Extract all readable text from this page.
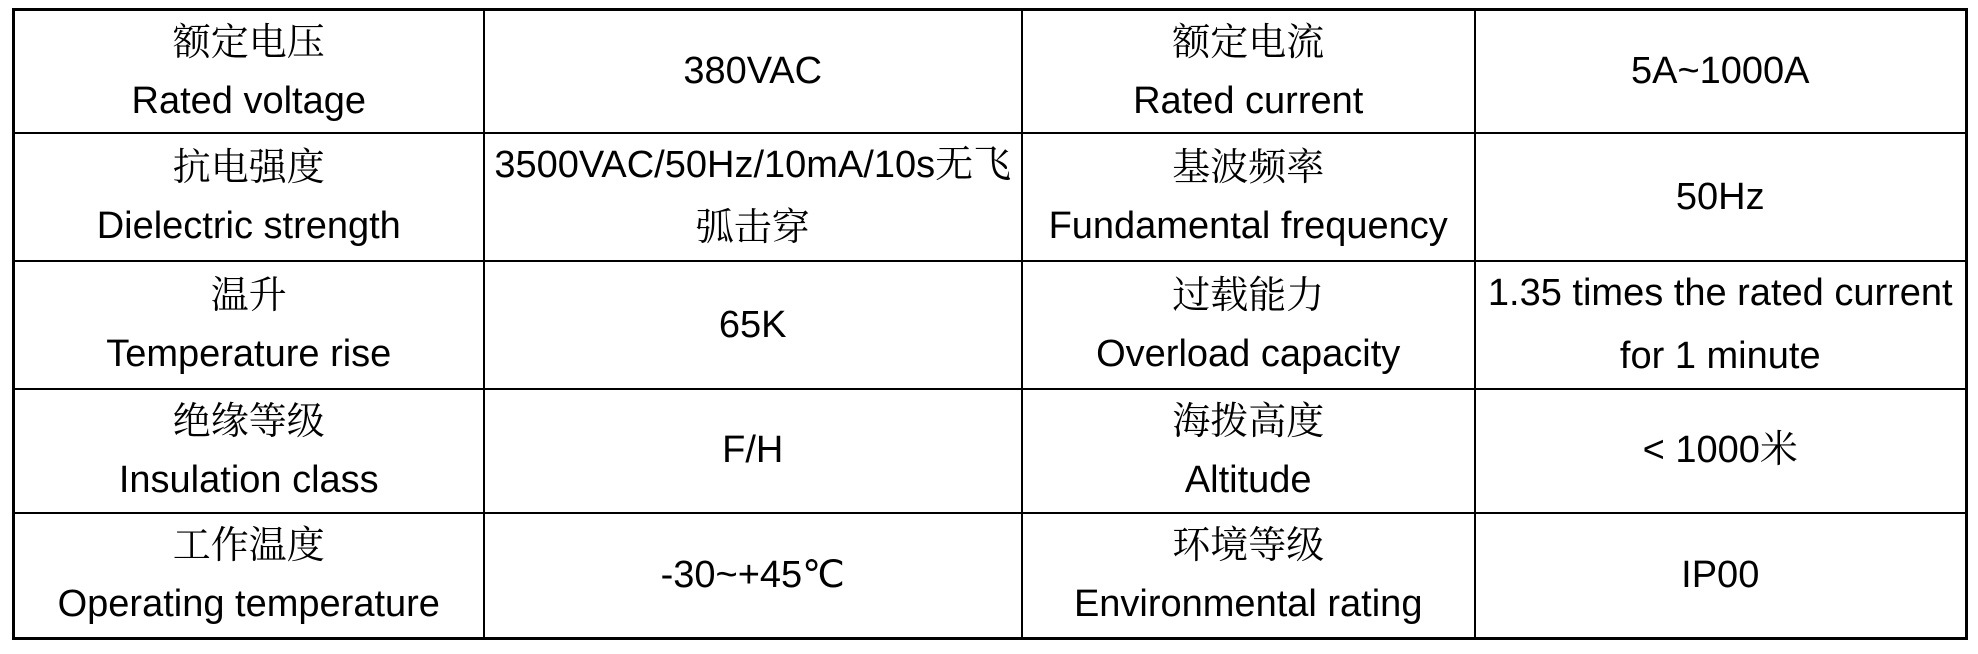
额定电压
Rated voltage
380VAC
额定电流
Rated current
5A~1000A
抗电强度
Dielectric strength
3500VAC/50Hz/10mA/10s无飞弧击穿
基波频率
Fundamental frequency
50Hz
温升
Temperature rise
65K
过载能力
Overload capacity
1.35 times the rated current for 1 minute
绝缘等级
Insulation class
F/H
海拨高度
Altitude
< 1000米
工作温度
Operating temperature
-30~+45℃
环境等级
Environmental rating
IP00
